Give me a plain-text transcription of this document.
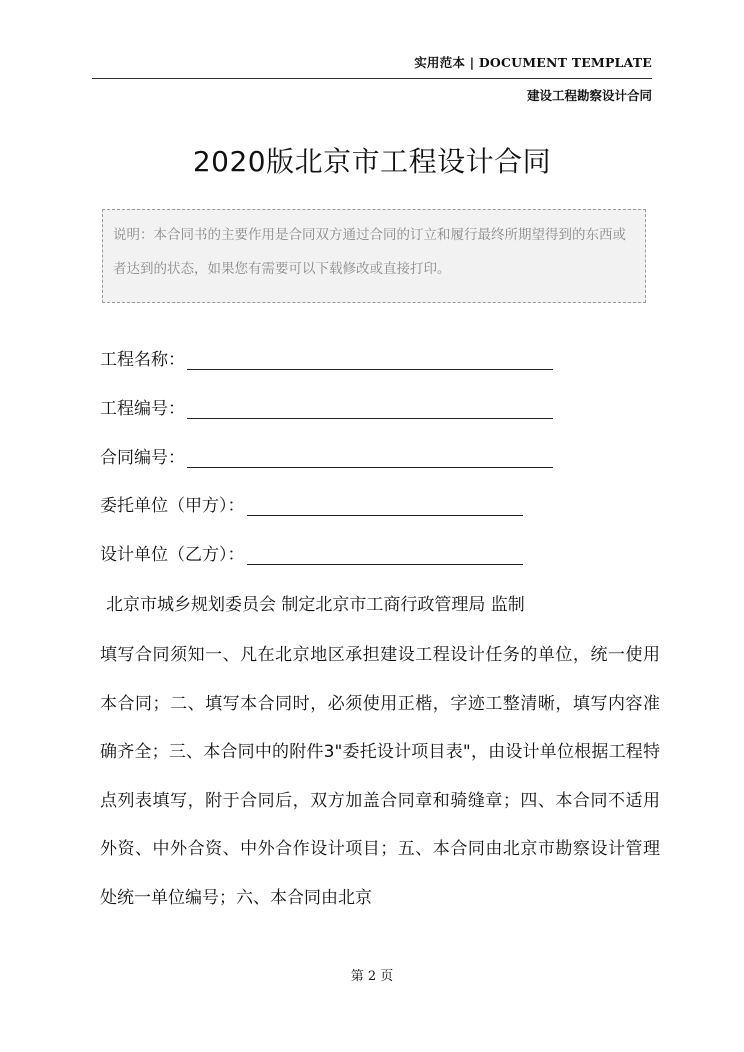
实用范本 | DOCUMENT TEMPLATE
建设工程勘察设计合同
2020版北京市工程设计合同
说明：本合同书的主要作用是合同双方通过合同的订立和履行最终所期望得到的东西或者达到的状态，如果您有需要可以下载修改或直接打印。
工程名称：
工程编号：
合同编号：
委托单位（甲方）：
设计单位（乙方）：
北京市城乡规划委员会 制定北京市工商行政管理局 监制
填写合同须知一、凡在北京地区承担建设工程设计任务的单位，统一使用本合同；二、填写本合同时，必须使用正楷，字迹工整清晰，填写内容准确齐全；三、本合同中的附件3"委托设计项目表"，由设计单位根据工程特点列表填写，附于合同后，双方加盖合同章和骑缝章；四、本合同不适用外资、中外合资、中外合作设计项目；五、本合同由北京市勘察设计管理处统一单位编号；六、本合同由北京
第 2 页
